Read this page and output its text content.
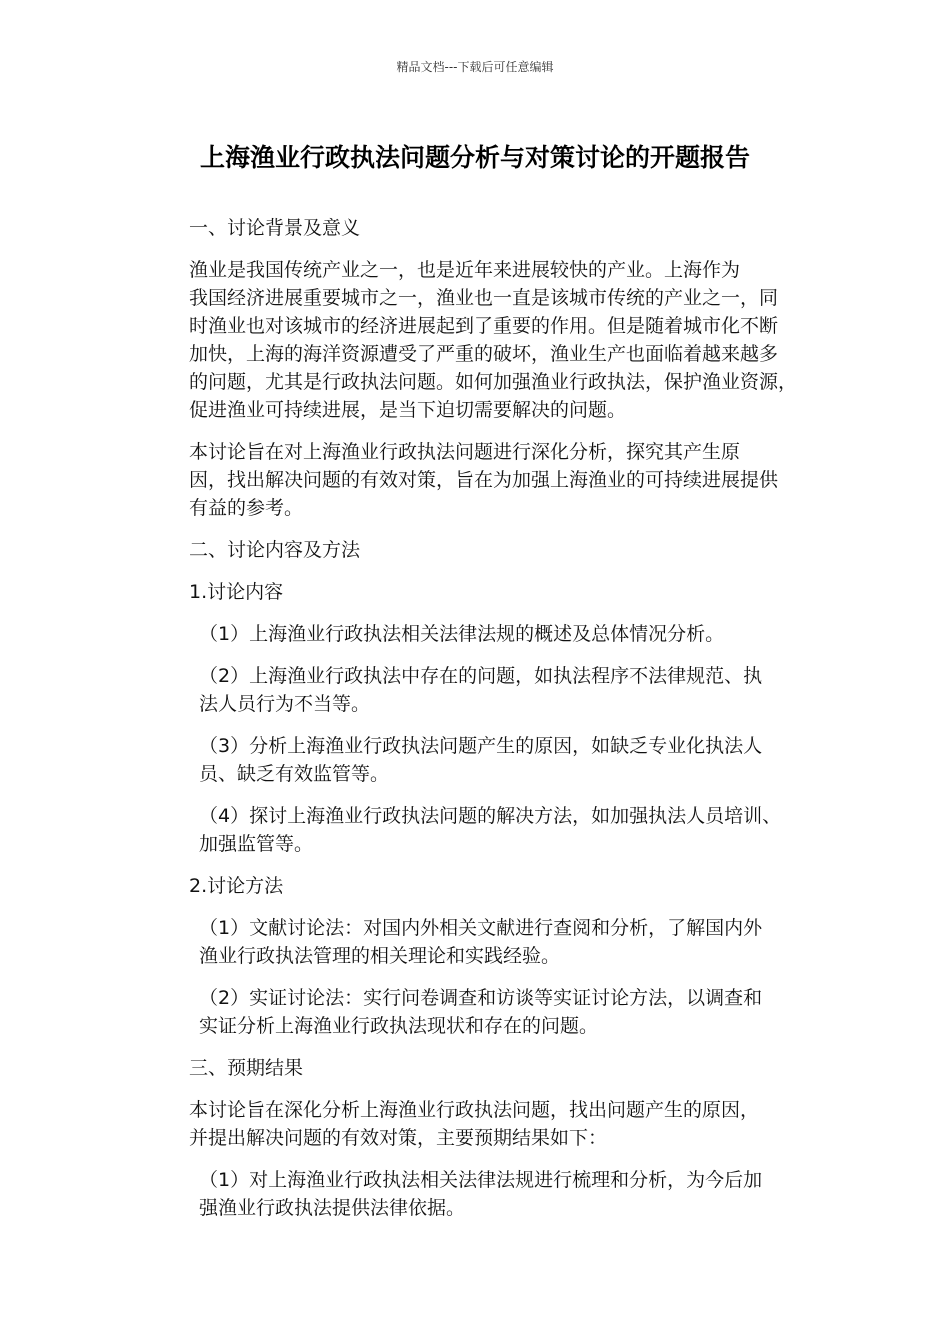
精品文档---下载后可任意编辑
上海渔业行政执法问题分析与对策讨论的开题报告
一、讨论背景及意义
渔业是我国传统产业之一，也是近年来进展较快的产业。上海作为
我国经济进展重要城市之一，渔业也一直是该城市传统的产业之一，同
时渔业也对该城市的经济进展起到了重要的作用。但是随着城市化不断
加快，上海的海洋资源遭受了严重的破坏，渔业生产也面临着越来越多
的问题，尤其是行政执法问题。如何加强渔业行政执法，保护渔业资源，
促进渔业可持续进展，是当下迫切需要解决的问题。
本讨论旨在对上海渔业行政执法问题进行深化分析，探究其产生原
因，找出解决问题的有效对策，旨在为加强上海渔业的可持续进展提供
有益的参考。
二、讨论内容及方法
1.讨论内容
（1）上海渔业行政执法相关法律法规的概述及总体情况分析。
（2）上海渔业行政执法中存在的问题，如执法程序不法律规范、执
法人员行为不当等。
（3）分析上海渔业行政执法问题产生的原因，如缺乏专业化执法人
员、缺乏有效监管等。
（4）探讨上海渔业行政执法问题的解决方法，如加强执法人员培训、
加强监管等。
2.讨论方法
（1）文献讨论法：对国内外相关文献进行查阅和分析，了解国内外
渔业行政执法管理的相关理论和实践经验。
（2）实证讨论法：实行问卷调查和访谈等实证讨论方法，以调查和
实证分析上海渔业行政执法现状和存在的问题。
三、预期结果
本讨论旨在深化分析上海渔业行政执法问题，找出问题产生的原因，
并提出解决问题的有效对策，主要预期结果如下：
（1）对上海渔业行政执法相关法律法规进行梳理和分析，为今后加
强渔业行政执法提供法律依据。
